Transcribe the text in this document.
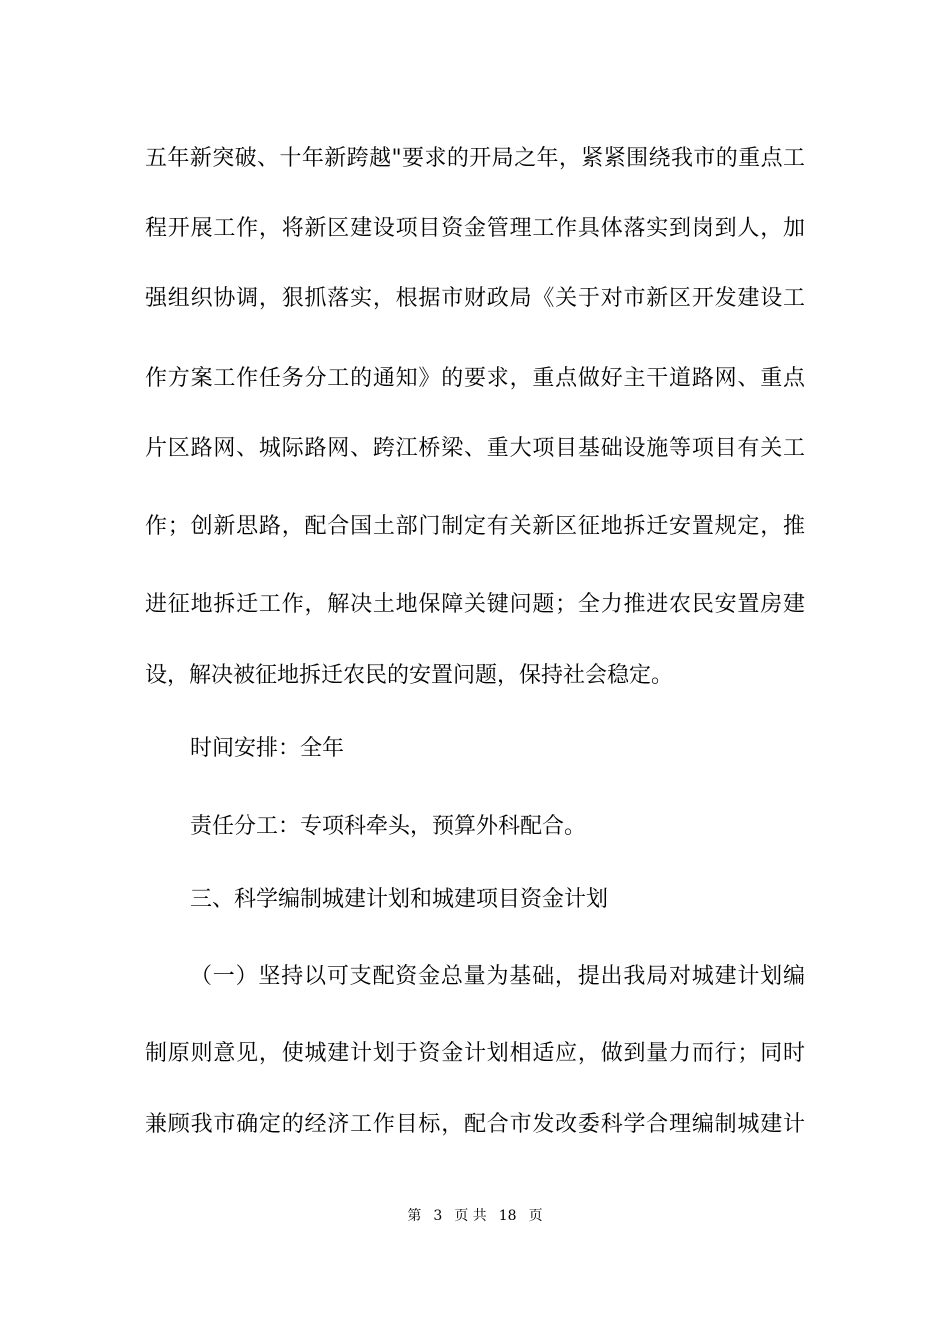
五年新突破、十年新跨越"要求的开局之年，紧紧围绕我市的重点工
程开展工作，将新区建设项目资金管理工作具体落实到岗到人，加
强组织协调，狠抓落实，根据市财政局《关于对市新区开发建设工
作方案工作任务分工的通知》的要求，重点做好主干道路网、重点
片区路网、城际路网、跨江桥梁、重大项目基础设施等项目有关工
作；创新思路，配合国土部门制定有关新区征地拆迁安置规定，推
进征地拆迁工作，解决土地保障关键问题；全力推进农民安置房建
设，解决被征地拆迁农民的安置问题，保持社会稳定。
时间安排：全年
责任分工：专项科牵头，预算外科配合。
三、科学编制城建计划和城建项目资金计划
（一）坚持以可支配资金总量为基础，提出我局对城建计划编
制原则意见，使城建计划于资金计划相适应，做到量力而行；同时
兼顾我市确定的经济工作目标，配合市发改委科学合理编制城建计
第 3 页 共 18 页
